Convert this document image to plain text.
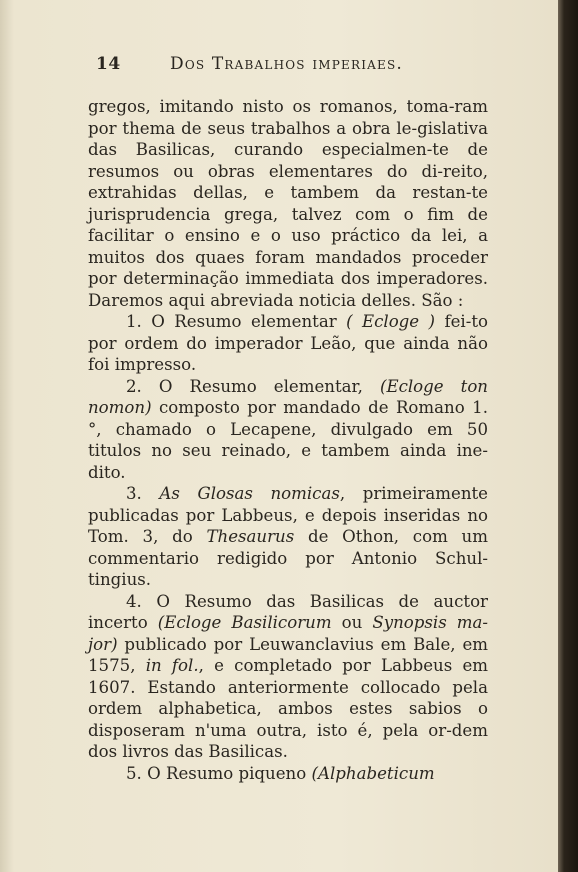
14	Dos Trabalhos imperiaes.

gregos, imitando nisto os romanos, toma-ram por thema de seus trabalhos a obra le-gislativa das Basilicas, curando especialmen-te de resumos ou obras elementares do di-reito, extrahidas dellas, e tambem da restan-te jurisprudencia grega, talvez com o fim de facilitar o ensino e o uso práctico da lei, a muitos dos quaes foram mandados proceder por determinação immediata dos imperadores. Daremos aqui abreviada noticia delles. São :

1. O Resumo elementar ( Ecloge ) fei-to por ordem do imperador Leão, que ainda não foi impresso.

2. O Resumo elementar, (Ecloge ton nomon) composto por mandado de Romano 1.°, chamado o Lecapene, divulgado em 50 titulos no seu reinado, e tambem ainda ine-dito.

3. As Glosas nomicas, primeiramente publicadas por Labbeus, e depois inseridas no Tom. 3, do Thesaurus de Othon, com um commentario redigido por Antonio Schul-tingius.

4. O Resumo das Basilicas de auctor incerto (Ecloge Basilicorum ou Synopsis ma-jor) publicado por Leuwanclavius em Bale, em 1575, in fol., e completado por Labbeus em 1607. Estando anteriormente collocado pela ordem alphabetica, ambos estes sabios o disposeram n'uma outra, isto é, pela or-dem dos livros das Basilicas.

5. O Resumo piqueno (Alphabeticum
